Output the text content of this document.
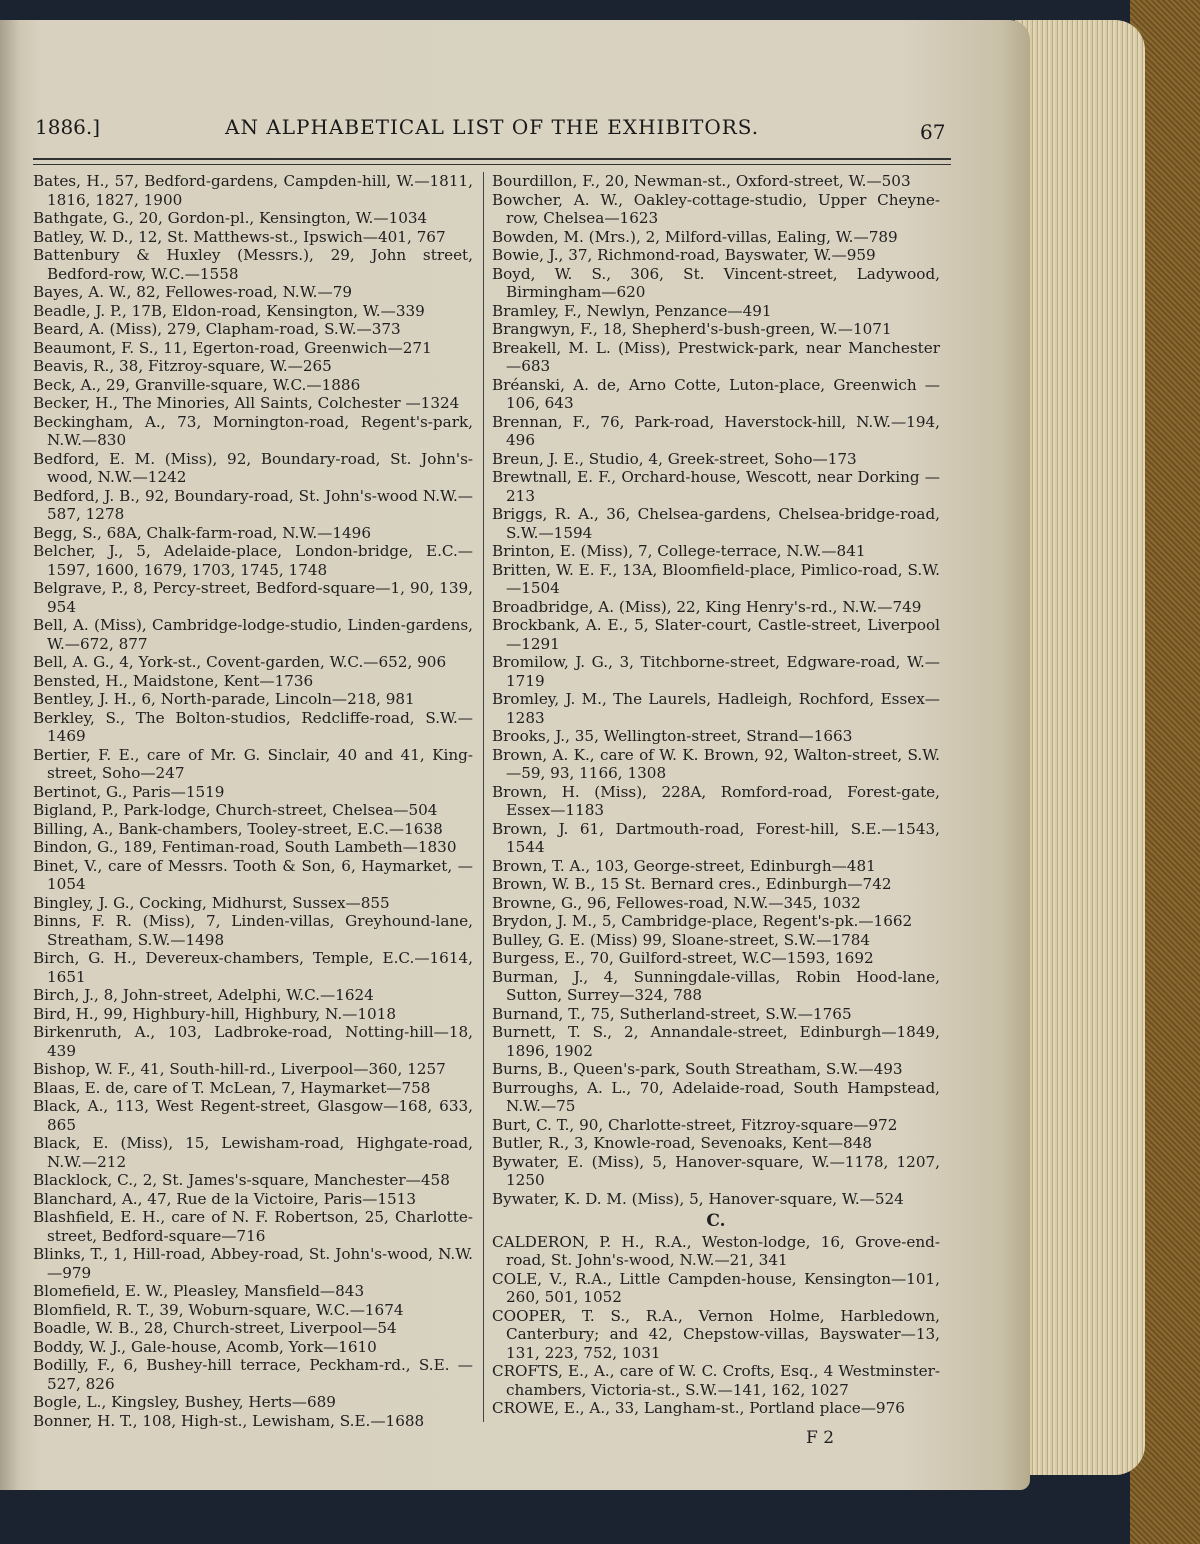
1886.]	AN ALPHABETICAL LIST OF THE EXHIBITORS.	67

Bates, H., 57, Bedford-gardens, Campden-hill, W.—1811, 1816, 1827, 1900

Bathgate, G., 20, Gordon-pl., Kensington, W.—1034

Batley, W. D., 12, St. Matthews-st., Ipswich—401, 767

Battenbury & Huxley (Messrs.), 29, John street, Bedford-row, W.C.—1558

Bayes, A. W., 82, Fellowes-road, N.W.—79

Beadle, J. P., 17B, Eldon-road, Kensington, W.—339

Beard, A. (Miss), 279, Clapham-road, S.W.—373

Beaumont, F. S., 11, Egerton-road, Greenwich—271

Beavis, R., 38, Fitzroy-square, W.—265

Beck, A., 29, Granville-square, W.C.—1886

Becker, H., The Minories, All Saints, Colchester —1324

Beckingham, A., 73, Mornington-road, Regent's-park, N.W.—830

Bedford, E. M. (Miss), 92, Boundary-road, St. John's-wood, N.W.—1242

Bedford, J. B., 92, Boundary-road, St. John's-wood N.W.—587, 1278

Begg, S., 68A, Chalk-farm-road, N.W.—1496

Belcher, J., 5, Adelaide-place, London-bridge, E.C.—1597, 1600, 1679, 1703, 1745, 1748

Belgrave, P., 8, Percy-street, Bedford-square—1, 90, 139, 954

Bell, A. (Miss), Cambridge-lodge-studio, Linden-gardens, W.—672, 877

Bell, A. G., 4, York-st., Covent-garden, W.C.—652, 906

Bensted, H., Maidstone, Kent—1736

Bentley, J. H., 6, North-parade, Lincoln—218, 981

Berkley, S., The Bolton-studios, Redcliffe-road, S.W.—1469

Bertier, F. E., care of Mr. G. Sinclair, 40 and 41, King-street, Soho—247

Bertinot, G., Paris—1519

Bigland, P., Park-lodge, Church-street, Chelsea—504

Billing, A., Bank-chambers, Tooley-street, E.C.—1638

Bindon, G., 189, Fentiman-road, South Lambeth—1830

Binet, V., care of Messrs. Tooth & Son, 6, Haymarket, —1054

Bingley, J. G., Cocking, Midhurst, Sussex—855

Binns, F. R. (Miss), 7, Linden-villas, Greyhound-lane, Streatham, S.W.—1498

Birch, G. H., Devereux-chambers, Temple, E.C.—1614, 1651

Birch, J., 8, John-street, Adelphi, W.C.—1624

Bird, H., 99, Highbury-hill, Highbury, N.—1018

Birkenruth, A., 103, Ladbroke-road, Notting-hill—18, 439

Bishop, W. F., 41, South-hill-rd., Liverpool—360, 1257

Blaas, E. de, care of T. McLean, 7, Haymarket—758

Black, A., 113, West Regent-street, Glasgow—168, 633, 865

Black, E. (Miss), 15, Lewisham-road, Highgate-road, N.W.—212

Blacklock, C., 2, St. James's-square, Manchester—458

Blanchard, A., 47, Rue de la Victoire, Paris—1513

Blashfield, E. H., care of N. F. Robertson, 25, Charlotte-street, Bedford-square—716

Blinks, T., 1, Hill-road, Abbey-road, St. John's-wood, N.W.—979

Blomefield, E. W., Pleasley, Mansfield—843

Blomfield, R. T., 39, Woburn-square, W.C.—1674

Boadle, W. B., 28, Church-street, Liverpool—54

Boddy, W. J., Gale-house, Acomb, York—1610

Bodilly, F., 6, Bushey-hill terrace, Peckham-rd., S.E. —527, 826

Bogle, L., Kingsley, Bushey, Herts—689

Bonner, H. T., 108, High-st., Lewisham, S.E.—1688

Bourdillon, F., 20, Newman-st., Oxford-street, W.—503

Bowcher, A. W., Oakley-cottage-studio, Upper Cheyne-row, Chelsea—1623

Bowden, M. (Mrs.), 2, Milford-villas, Ealing, W.—789

Bowie, J., 37, Richmond-road, Bayswater, W.—959

Boyd, W. S., 306, St. Vincent-street, Ladywood, Birmingham—620

Bramley, F., Newlyn, Penzance—491

Brangwyn, F., 18, Shepherd's-bush-green, W.—1071

Breakell, M. L. (Miss), Prestwick-park, near Manchester—683

Bréanski, A. de, Arno Cotte, Luton-place, Greenwich —106, 643

Brennan, F., 76, Park-road, Haverstock-hill, N.W.—194, 496

Breun, J. E., Studio, 4, Greek-street, Soho—173

Brewtnall, E. F., Orchard-house, Wescott, near Dorking —213

Briggs, R. A., 36, Chelsea-gardens, Chelsea-bridge-road, S.W.—1594

Brinton, E. (Miss), 7, College-terrace, N.W.—841

Britten, W. E. F., 13A, Bloomfield-place, Pimlico-road, S.W.—1504

Broadbridge, A. (Miss), 22, King Henry's-rd., N.W.—749

Brockbank, A. E., 5, Slater-court, Castle-street, Liverpool—1291

Bromilow, J. G., 3, Titchborne-street, Edgware-road, W.—1719

Bromley, J. M., The Laurels, Hadleigh, Rochford, Essex—1283

Brooks, J., 35, Wellington-street, Strand—1663

Brown, A. K., care of W. K. Brown, 92, Walton-street, S.W.—59, 93, 1166, 1308

Brown, H. (Miss), 228A, Romford-road, Forest-gate, Essex—1183

Brown, J. 61, Dartmouth-road, Forest-hill, S.E.—1543, 1544

Brown, T. A., 103, George-street, Edinburgh—481

Brown, W. B., 15 St. Bernard cres., Edinburgh—742

Browne, G., 96, Fellowes-road, N.W.—345, 1032

Brydon, J. M., 5, Cambridge-place, Regent's-pk.—1662

Bulley, G. E. (Miss) 99, Sloane-street, S.W.—1784

Burgess, E., 70, Guilford-street, W.C—1593, 1692

Burman, J., 4, Sunningdale-villas, Robin Hood-lane, Sutton, Surrey—324, 788

Burnand, T., 75, Sutherland-street, S.W.—1765

Burnett, T. S., 2, Annandale-street, Edinburgh—1849, 1896, 1902

Burns, B., Queen's-park, South Streatham, S.W.—493

Burroughs, A. L., 70, Adelaide-road, South Hampstead, N.W.—75

Burt, C. T., 90, Charlotte-street, Fitzroy-square—972

Butler, R., 3, Knowle-road, Sevenoaks, Kent—848

Bywater, E. (Miss), 5, Hanover-square, W.—1178, 1207, 1250

Bywater, K. D. M. (Miss), 5, Hanover-square, W.—524

C.

CALDERON, P. H., R.A., Weston-lodge, 16, Grove-end-road, St. John's-wood, N.W.—21, 341

COLE, V., R.A., Little Campden-house, Kensington—101, 260, 501, 1052

COOPER, T. S., R.A., Vernon Holme, Harbledown, Canterbury; and 42, Chepstow-villas, Bayswater—13, 131, 223, 752, 1031

CROFTS, E., A., care of W. C. Crofts, Esq., 4 Westminster-chambers, Victoria-st., S.W.—141, 162, 1027

CROWE, E., A., 33, Langham-st., Portland place—976

F 2
